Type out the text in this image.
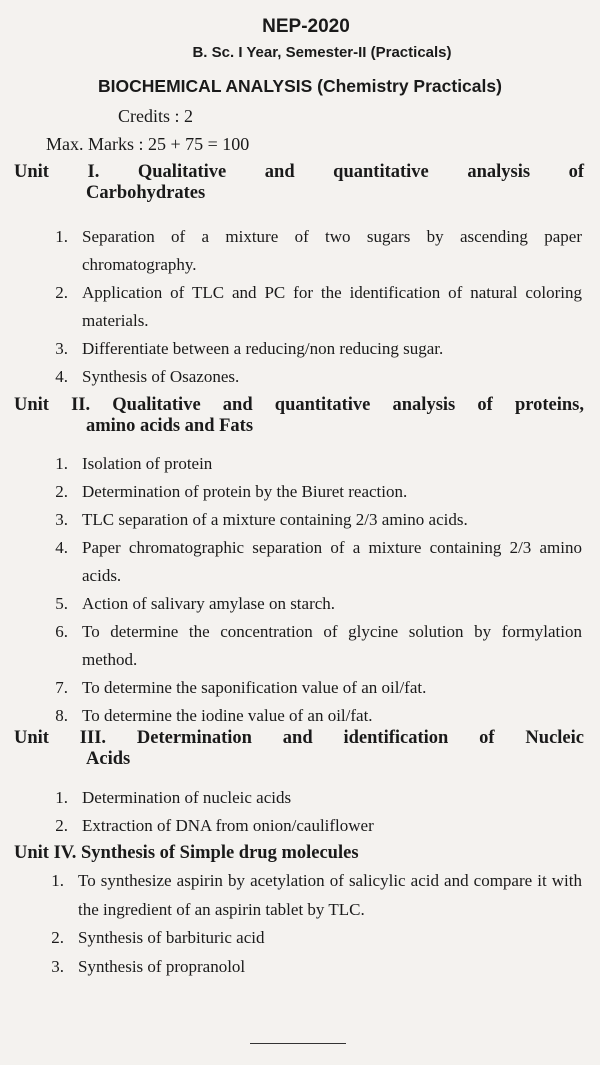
NEP-2020
B. Sc. I Year, Semester-II (Practicals)
BIOCHEMICAL ANALYSIS (Chemistry Practicals)
Credits : 2
Max. Marks : 25 + 75 = 100
Unit I. Qualitative and quantitative analysis of
Carbohydrates
1. Separation of a mixture of two sugars by ascending paper chromatography.
2. Application of TLC and PC for the identification of natural coloring materials.
3. Differentiate between a reducing/non reducing sugar.
4. Synthesis of Osazones.
Unit II. Qualitative and quantitative analysis of proteins,
amino acids and Fats
1. Isolation of protein
2. Determination of protein by the Biuret reaction.
3. TLC separation of a mixture containing 2/3 amino acids.
4. Paper chromatographic separation of a mixture containing 2/3 amino acids.
5. Action of salivary amylase on starch.
6. To determine the concentration of glycine solution by formylation method.
7. To determine the saponification value of an oil/fat.
8. To determine the iodine value of an oil/fat.
Unit III. Determination and identification of Nucleic
Acids
1. Determination of nucleic acids
2. Extraction of DNA from onion/cauliflower
Unit IV. Synthesis of Simple drug molecules
1. To synthesize aspirin by acetylation of salicylic acid and compare it with the ingredient of an aspirin tablet by TLC.
2. Synthesis of barbituric acid
3. Synthesis of propranolol
